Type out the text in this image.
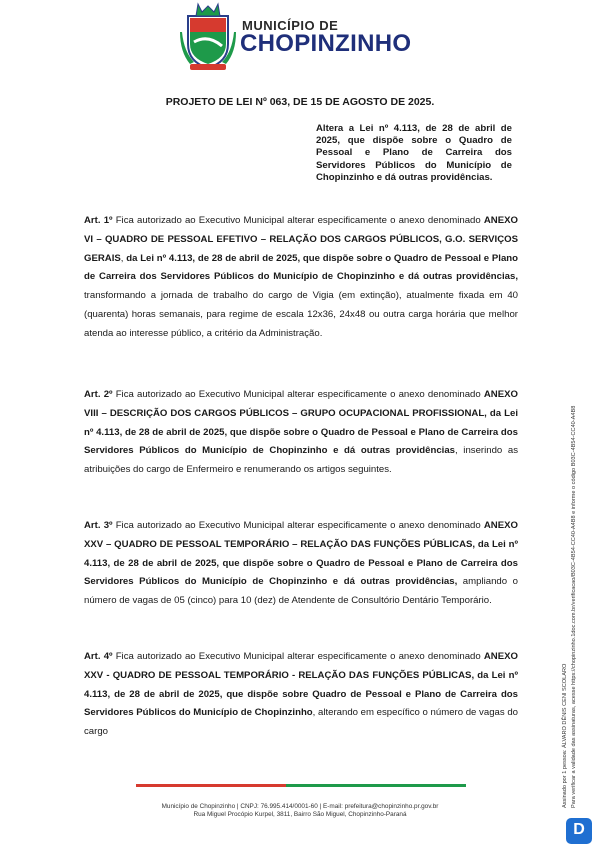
MUNICÍPIO DE
CHOPINZINHO
PROJETO DE LEI Nº 063, DE 15 DE AGOSTO DE 2025.
Altera a Lei nº 4.113, de 28 de abril de 2025, que dispõe sobre o Quadro de Pessoal e Plano de Carreira dos Servidores Públicos do Município de Chopinzinho e dá outras providências.
Art. 1º Fica autorizado ao Executivo Municipal alterar especificamente o anexo denominado ANEXO VI – QUADRO DE PESSOAL EFETIVO – RELAÇÃO DOS CARGOS PÚBLICOS, G.O. SERVIÇOS GERAIS, da Lei nº 4.113, de 28 de abril de 2025, que dispõe sobre o Quadro de Pessoal e Plano de Carreira dos Servidores Públicos do Município de Chopinzinho e dá outras providências, transformando a jornada de trabalho do cargo de Vigia (em extinção), atualmente fixada em 40 (quarenta) horas semanais, para regime de escala 12x36, 24x48 ou outra carga horária que melhor atenda ao interesse público, a critério da Administração.
Art. 2º Fica autorizado ao Executivo Municipal alterar especificamente o anexo denominado ANEXO VIII – DESCRIÇÃO DOS CARGOS PÚBLICOS – GRUPO OCUPACIONAL PROFISSIONAL, da Lei nº 4.113, de 28 de abril de 2025, que dispõe sobre o Quadro de Pessoal e Plano de Carreira dos Servidores Públicos do Município de Chopinzinho e dá outras providências, inserindo as atribuições do cargo de Enfermeiro e renumerando os artigos seguintes.
Art. 3º Fica autorizado ao Executivo Municipal alterar especificamente o anexo denominado ANEXO XXV – QUADRO DE PESSOAL TEMPORÁRIO – RELAÇÃO DAS FUNÇÕES PÚBLICAS, da Lei nº 4.113, de 28 de abril de 2025, que dispõe sobre o Quadro de Pessoal e Plano de Carreira dos Servidores Públicos do Município de Chopinzinho e dá outras providências, ampliando o número de vagas de 05 (cinco) para 10 (dez) de Atendente de Consultório Dentário Temporário.
Art. 4º Fica autorizado ao Executivo Municipal alterar especificamente o anexo denominado ANEXO XXV - QUADRO DE PESSOAL TEMPORÁRIO - RELAÇÃO DAS FUNÇÕES PÚBLICAS, da Lei nº 4.113, de 28 de abril de 2025, que dispõe sobre Quadro de Pessoal e Plano de Carreira dos Servidores Públicos do Município de Chopinzinho, alterando em específico o número de vagas do cargo
Município de Chopinzinho | CNPJ: 76.995.414/0001-60 | E-mail: prefeitura@chopinzinho.pr.gov.br
Rua Miguel Procópio Kurpel, 3811, Bairro São Miguel, Chopinzinho-Paraná
Assinado por 1 pessoa: ÁLVARO DÊNIS CENI SCOLARO Para verificar a validade das assinaturas, acesse https://chopinzinho.1doc.com.br/verificacao/B03C-4B54-CC40-A4B8 e informe o código B03C-4B54-CC40-A4B8
D
